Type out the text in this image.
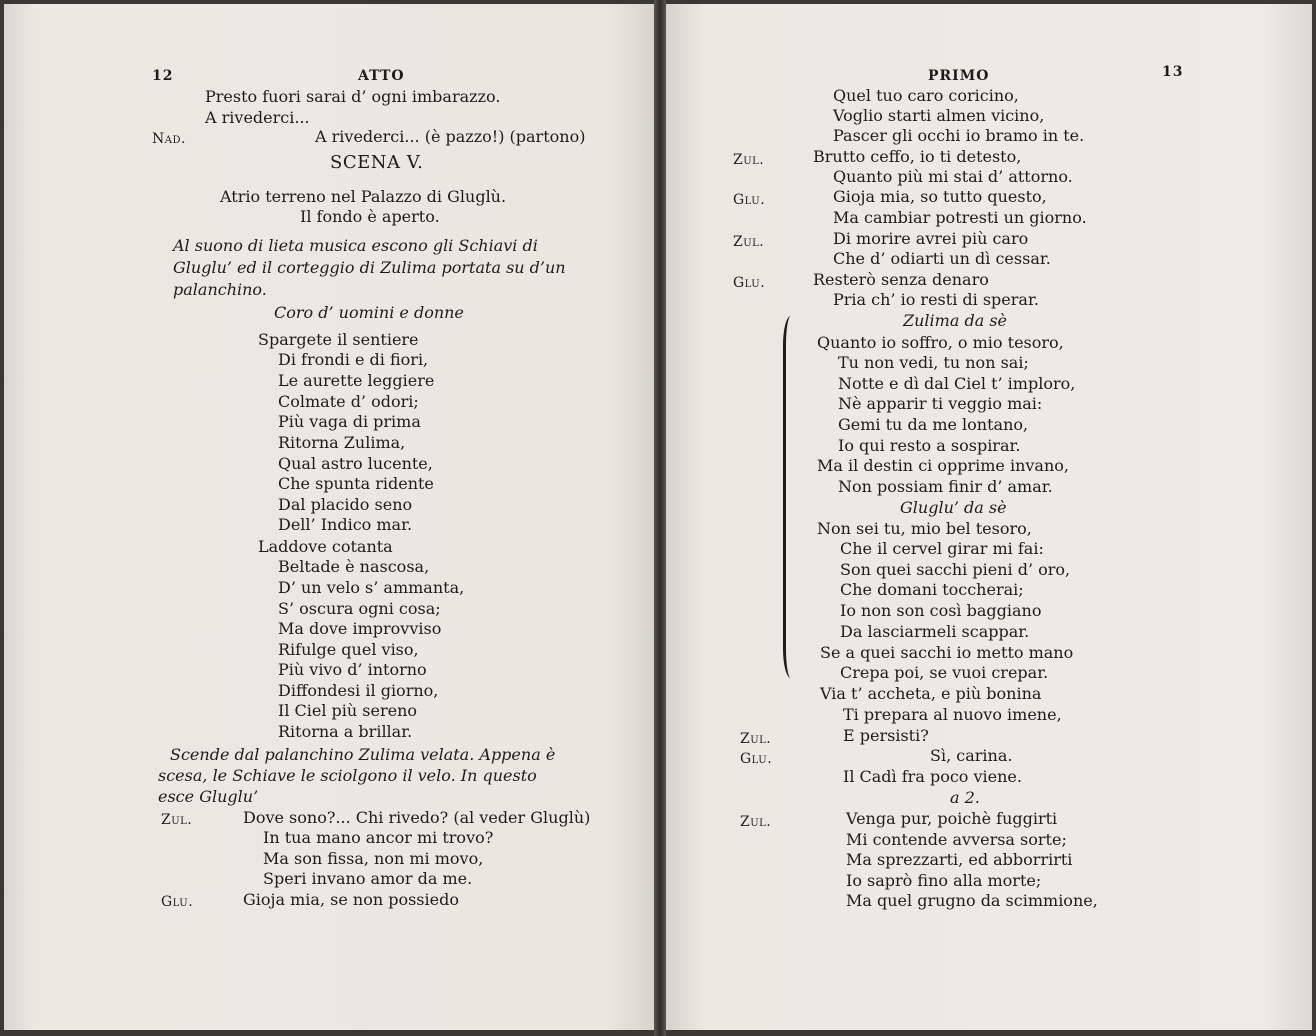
12	ATTO
Presto fuori sarai d’ ogni imbarazzo.
A rivederci...
Nad.	A rivederci... (è pazzo!) (partono)
SCENA V.
Atrio terreno nel Palazzo di Gluglù.
Il fondo è aperto.
Al suono di lieta musica escono gli Schiavi di
Gluglu’ ed il corteggio di Zulima portata su d’un
palanchino.
Coro d’ uomini e donne
Spargete il sentiere
Di frondi e di fiori,
Le aurette leggiere
Colmate d’ odori;
Più vaga di prima
Ritorna Zulima,
Qual astro lucente,
Che spunta ridente
Dal placido seno
Dell’ Indico mar.
Laddove cotanta
Beltade è nascosa,
D’ un velo s’ ammanta,
S’ oscura ogni cosa;
Ma dove improvviso
Rifulge quel viso,
Più vivo d’ intorno
Diffondesi il giorno,
Il Ciel più sereno
Ritorna a brillar.
Scende dal palanchino Zulima velata. Appena è
scesa, le Schiave le sciolgono il velo. In questo
esce Gluglu’
Zul.	Dove sono?... Chi rivedo? (al veder Gluglù)
In tua mano ancor mi trovo?
Ma son fissa, non mi movo,
Speri invano amor da me.
Glu.	Gioja mia, se non possiedo
PRIMO	13
Quel tuo caro coricino,
Voglio starti almen vicino,
Pascer gli occhi io bramo in te.
Zul.	Brutto ceffo, io ti detesto,
Quanto più mi stai d’ attorno.
Glu.	Gioja mia, so tutto questo,
Ma cambiar potresti un giorno.
Zul.	Di morire avrei più caro
Che d’ odiarti un dì cessar.
Glu.	Resterò senza denaro
Pria ch’ io resti di sperar.
Zulima da sè
Quanto io soffro, o mio tesoro,
Tu non vedi, tu non sai;
Notte e dì dal Ciel t’ imploro,
Nè apparir ti veggio mai:
Gemi tu da me lontano,
Io qui resto a sospirar.
Ma il destin ci opprime invano,
Non possiam finir d’ amar.
Gluglu’ da sè
Non sei tu, mio bel tesoro,
Che il cervel girar mi fai:
Son quei sacchi pieni d’ oro,
Che domani toccherai;
Io non son così baggiano
Da lasciarmeli scappar.
Se a quei sacchi io metto mano
Crepa poi, se vuoi crepar.
Via t’ accheta, e più bonina
Ti prepara al nuovo imene,
Zul.	E persisti?
Glu.	Sì, carina.
Il Cadì fra poco viene.
a 2.
Zul.	Venga pur, poichè fuggirti
Mi contende avversa sorte;
Ma sprezzarti, ed abborrirti
Io saprò fino alla morte;
Ma quel grugno da scimmione,
